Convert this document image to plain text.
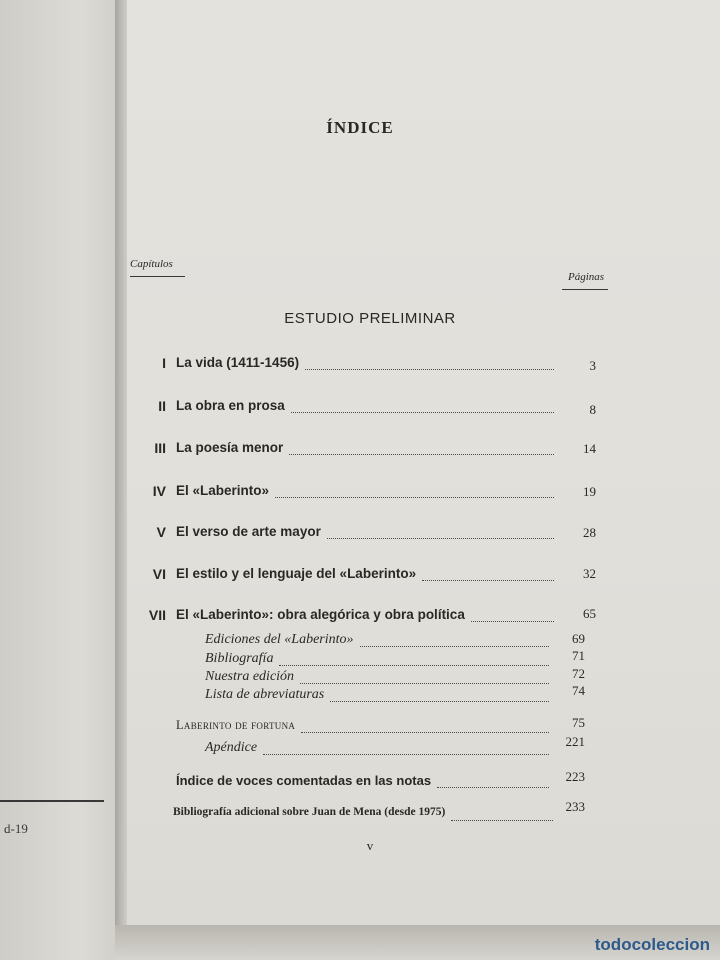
d-19
ÍNDICE
Capítulos
Páginas
ESTUDIO PRELIMINAR
I La vida (1411-1456)	3
II La obra en prosa	8
III La poesía menor	14
IV El «Laberinto»	19
V El verso de arte mayor	28
VI El estilo y el lenguaje del «Laberinto»	32
VII El «Laberinto»: obra alegórica y obra política	65
Ediciones del «Laberinto»	69
Bibliografía	71
Nuestra edición	72
Lista de abreviaturas	74
Laberinto de fortuna	75
Apéndice	221
Índice de voces comentadas en las notas	223
Bibliografía adicional sobre Juan de Mena (desde 1975)	233
v
todocoleccion
